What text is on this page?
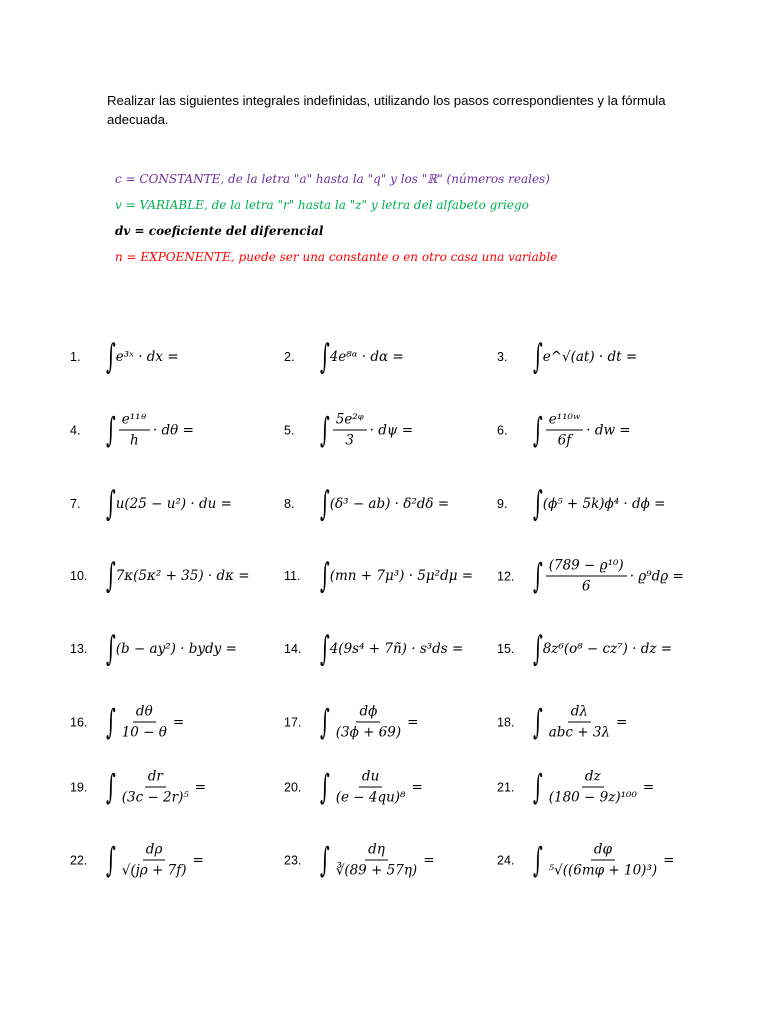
Realizar las siguientes integrales indefinidas, utilizando los pasos correspondientes y la fórmula adecuada.
c = CONSTANTE, de la letra "a" hasta la "q" y los "ℝ" (números reales)
v = VARIABLE, de la letra "r" hasta la "z" y letra del alfabeto griego
dv = coeficiente del diferencial
n = EXPOENENTE, puede ser una constante o en otro casa una variable
1. ∫ e³ˣ · dx =	2. ∫ 4e⁸ᵅ · dα =	3. ∫ e^√(at) · dt =
4. ∫ $\frac{\text{e¹¹ᶿ}}{h} \cdot d\theta$ =	5. ∫ $\frac{\text{5e²ᵠ}}{3} \cdot d\psi$ =	6. ∫ $\frac{\text{e¹¹⁰ʷ}}{6f}$ · dw =
7. ∫ u(25 − u²) · du =	8. ∫ (δ³ − ab) · δ²dδ =	9. ∫ (ϕ⁵ + 5k)ϕ⁴ · dϕ =
10. ∫ 7κ(5κ² + 35) · dκ =	11. ∫ (mn + 7μ³) · 5μ²dμ = 12. ∫ $\frac{\text{(789 − ϱ¹⁰)}}{6} \cdot ϱ^9dϱ$ =
13. ∫ (b − ay²) · bydy =	14. ∫ 4(9s⁴ + 7ñ) · s³ds =	15. ∫ 8z⁶(o⁸ − cz⁷) · dz =
16. ∫ $\frac{d\theta}{10 - \theta}$ =	17. ∫ $\frac{d\phi}{(3\phi + 69)}$ =	18. ∫ $\frac{d\lambda}{\text{abc + 3λ}}$ =
19. ∫ $\frac{dr}{\text{(3c − 2r)⁵}}$ =	20. ∫ $\frac{du}{\text{(e − 4qu)⁸}}$ =	21. ∫ $\frac{dz}{\text{(180 − 9z)¹⁰⁰}}$ =
22. ∫ $\frac{d\rho}{√(j\rho + 7f)}$ =	23. ∫ $\frac{d\eta}{∛(89 + 57\eta)}$ =	24. ∫ $\frac{d\varphi}{\text{⁵√((6mφ + 10)³)}}$ =
